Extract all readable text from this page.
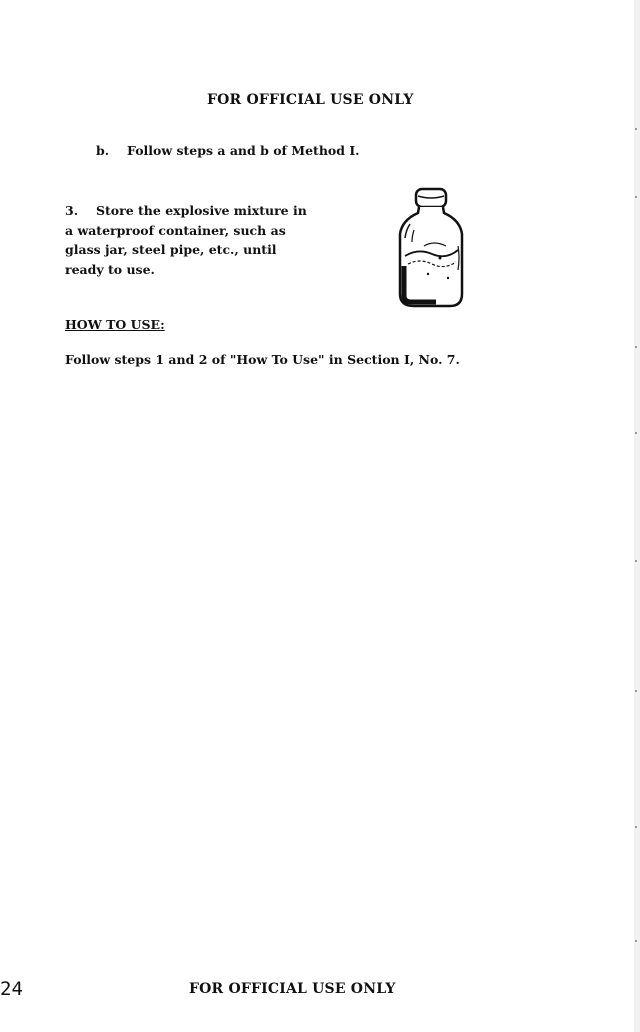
FOR OFFICIAL USE ONLY
b. Follow steps a and b of Method I.
3. Store the explosive mixture in
a waterproof container, such as
glass jar, steel pipe, etc., until
ready to use.
HOW TO USE:
Follow steps 1 and 2 of "How To Use" in Section I, No. 7.
24	FOR OFFICIAL USE ONLY
